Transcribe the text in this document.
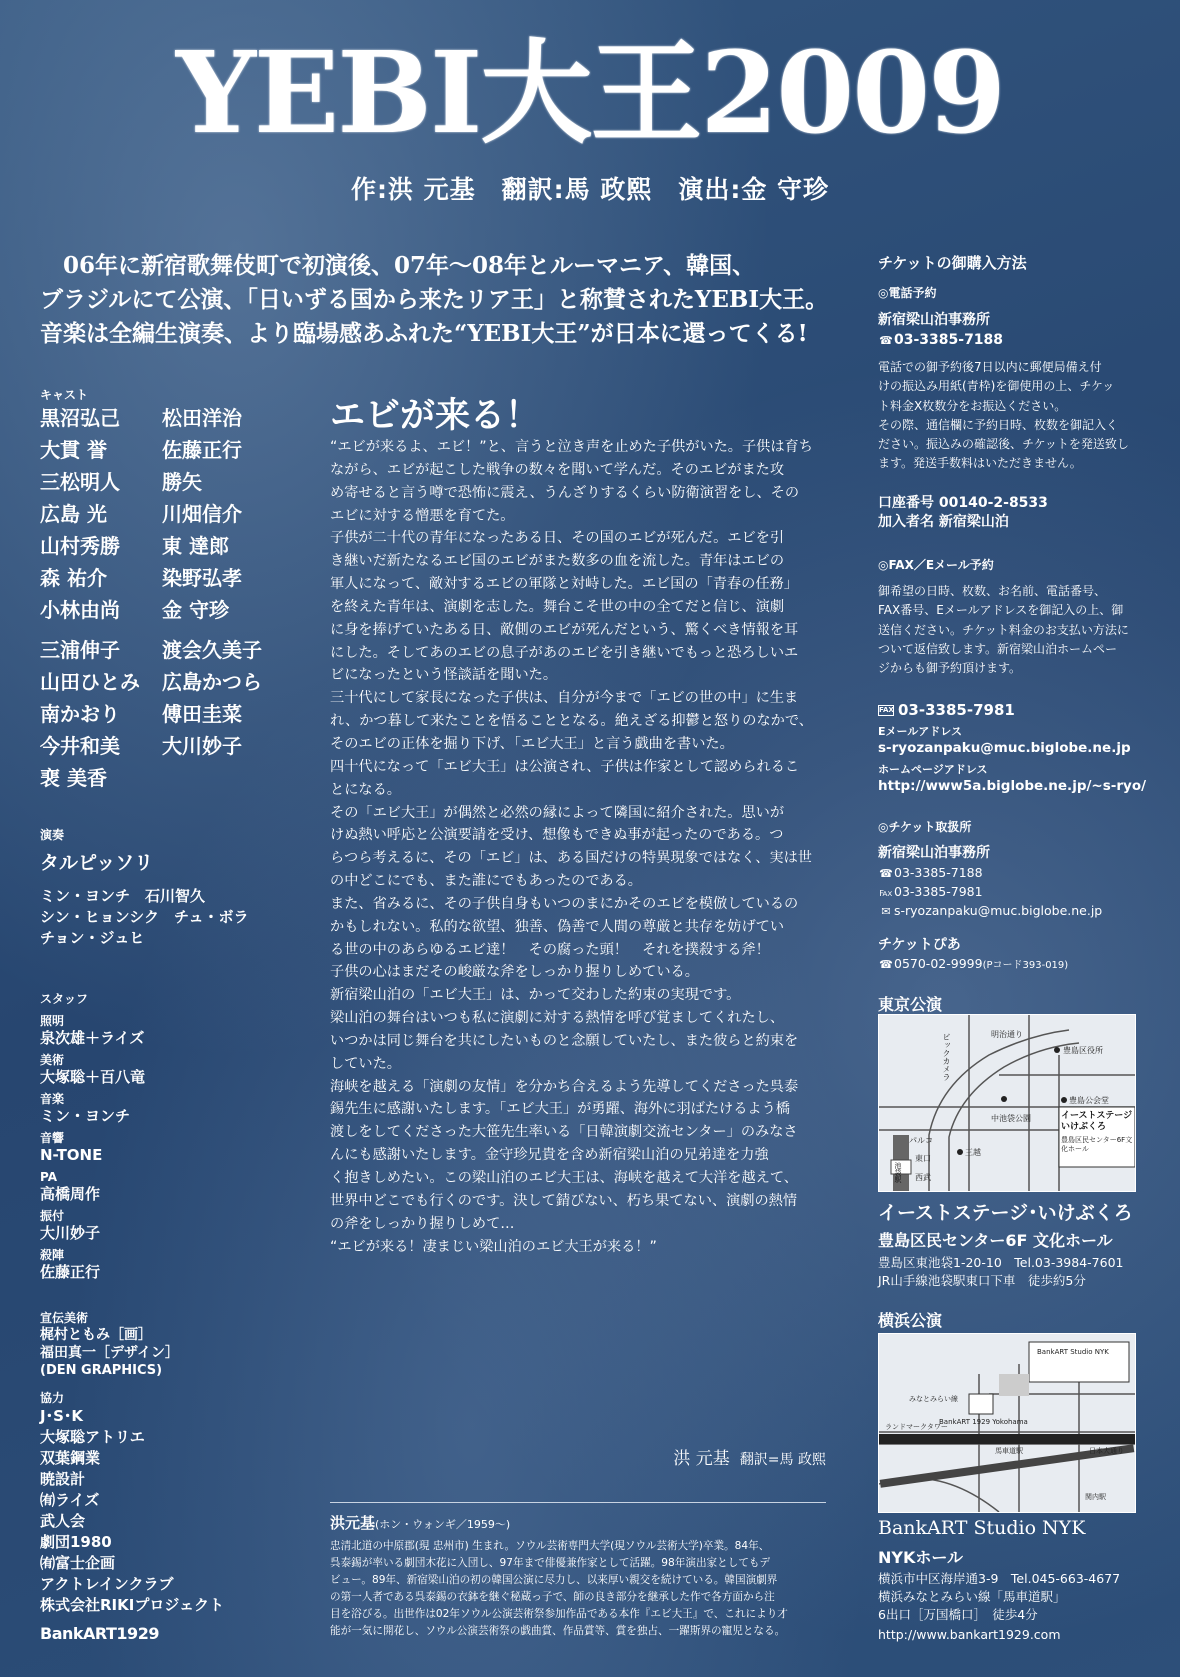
YEBI大王2009
作:洪 元基　翻訳:馬 政熙　演出:金 守珍
　06年に新宿歌舞伎町で初演後、07年〜08年とルーマニア、韓国、
ブラジルにて公演、「日いずる国から来たリア王」と称賛されたYEBI大王。
音楽は全編生演奏、より臨場感あふれた“YEBI大王”が日本に還ってくる!
キャスト
黒沼弘己	松田洋治
大貫 誉	佐藤正行
三松明人	勝矢
広島 光	川畑信介
山村秀勝	東 達郎
森 祐介	染野弘孝
小林由尚	金 守珍
三浦伸子	渡会久美子
山田ひとみ	広島かつら
南かおり	傅田圭菜
今井和美	大川妙子
裵 美香
演奏
タルピッソリ
ミン・ヨンチ　石川智久
シン・ヒョンシク　チュ・ボラ
チョン・ジュヒ
スタッフ
照明
泉次雄＋ライズ
美術
大塚聡＋百八竜
音楽
ミン・ヨンチ
音響
N-TONE
PA
高橋周作
振付
大川妙子
殺陣
佐藤正行
宣伝美術
梶村ともみ［画］
福田真一［デザイン］
(DEN GRAPHICS)
協力
J･S･K
大塚聡アトリエ
双葉鋼業
暁設計
㈲ライズ
武人会
劇団1980
㈲富士企画
アクトレインクラブ
株式会社RIKIプロジェクト
BankART1929
エビが来る！
“エビが来るよ、エビ！”と、言うと泣き声を止めた子供がいた。子供は育ち
ながら、エビが起こした戦争の数々を聞いて学んだ。そのエビがまた攻
め寄せると言う噂で恐怖に震え、うんざりするくらい防衛演習をし、その
エビに対する憎悪を育てた。
子供が二十代の青年になったある日、その国のエビが死んだ。エビを引
き継いだ新たなるエビ国のエビがまた数多の血を流した。青年はエビの
軍人になって、敵対するエビの軍隊と対峙した。エビ国の「青春の任務」
を終えた青年は、演劇を志した。舞台こそ世の中の全てだと信じ、演劇
に身を捧げていたある日、敵側のエビが死んだという、驚くべき情報を耳
にした。そしてあのエビの息子があのエビを引き継いでもっと恐ろしいエ
ビになったという怪談話を聞いた。
三十代にして家長になった子供は、自分が今まで「エビの世の中」に生ま
れ、かつ暮して来たことを悟ることとなる。絶えざる抑鬱と怒りのなかで、
そのエビの正体を掘り下げ、「エビ大王」と言う戯曲を書いた。
四十代になって「エビ大王」は公演され、子供は作家として認められるこ
とになる。
その「エビ大王」が偶然と必然の縁によって隣国に紹介された。思いが
けぬ熱い呼応と公演要請を受け、想像もできぬ事が起ったのである。つ
らつら考えるに、その「エビ」は、ある国だけの特異現象ではなく、実は世
の中どこにでも、また誰にでもあったのである。
また、省みるに、その子供自身もいつのまにかそのエビを模倣しているの
かもしれない。私的な欲望、独善、偽善で人間の尊厳と共存を妨げてい
る世の中のあらゆるエビ達！　その腐った頭！　それを撲殺する斧！
子供の心はまだその峻厳な斧をしっかり握りしめている。
新宿梁山泊の「エビ大王」は、かって交わした約束の実現です。
梁山泊の舞台はいつも私に演劇に対する熱情を呼び覚ましてくれたし、
いつかは同じ舞台を共にしたいものと念願していたし、また彼らと約束を
していた。
海峡を越える「演劇の友情」を分かち合えるよう先導してくださった呉泰
錫先生に感謝いたします。「エビ大王」が勇躍、海外に羽ばたけるよう橋
渡しをしてくださった大笹先生率いる「日韓演劇交流センター」のみなさ
んにも感謝いたします。金守珍兄貴を含め新宿梁山泊の兄弟達を力強
く抱きしめたい。この梁山泊のエビ大王は、海峡を越えて大洋を越えて、
世界中どこでも行くのです。決して錆びない、朽ち果てない、演劇の熱情
の斧をしっかり握りしめて…
“エビが来る！凄まじい梁山泊のエビ大王が来る！”
洪 元基 翻訳=馬 政熙
洪元基(ホン・ウォンギ／1959〜)
忠清北道の中原郡(現 忠州市) 生まれ。ソウル芸術専門大学(現ソウル芸術大学)卒業。84年、
呉泰錫が率いる劇団木花に入団し、97年まで俳優兼作家として活躍。98年演出家としてもデ
ビュー。89年、新宿梁山泊の初の韓国公演に尽力し、以来厚い親交を続けている。韓国演劇界
の第一人者である呉泰錫の衣鉢を継ぐ秘蔵っ子で、師の良き部分を継承した作で各方面から注
目を浴びる。出世作は02年ソウル公演芸術祭参加作品である本作『エビ大王』で、これにより才
能が一気に開花し、ソウル公演芸術祭の戯曲賞、作品賞等、賞を独占、一躍斯界の寵児となる。
チケットの御購入方法
◎電話予約
新宿梁山泊事務所
☎03-3385-7188
電話での御予約後7日以内に郵便局備え付
けの振込み用紙(青枠)を御使用の上、チケッ
ト料金X枚数分をお振込ください。
その際、通信欄に予約日時、枚数を御記入く
ださい。振込みの確認後、チケットを発送致し
ます。発送手数料はいただきません。
口座番号 00140-2-8533
加入者名 新宿梁山泊
◎FAX／Eメール予約
御希望の日時、枚数、お名前、電話番号、
FAX番号、Eメールアドレスを御記入の上、御
送信ください。チケット料金のお支払い方法に
ついて返信致します。新宿梁山泊ホームペー
ジからも御予約頂けます。
FAX 03-3385-7981
Eメールアドレス
s-ryozanpaku@muc.biglobe.ne.jp
ホームページアドレス
http://www5a.biglobe.ne.jp/~s-ryo/
◎チケット取扱所
新宿梁山泊事務所
☎03-3385-7188
℻03-3385-7981
✉ s-ryozanpaku@muc.biglobe.ne.jp
チケットぴあ
☎0570-02-9999(Pコード393-019)
東京公演
ビックカメラ	明治通り
豊島区役所
豊島公会堂
中池袋公園	イーストステージいけぶくろ
豊島区民センター6F文化ホール
パルコ
東口
三越
西武
池袋駅
イーストステージ･いけぶくろ
豊島区民センター6F 文化ホール
豊島区東池袋1-20-10　Tel.03-3984-7601
JR山手線池袋駅東口下車　徒歩約5分
横浜公演
BankART Studio NYK
BankART 1929 Yokohama
日本大通り
馬車道駅
関内駅
ランドマークタワー
みなとみらい線
BankART Studio NYK
NYKホール
横浜市中区海岸通3-9　Tel.045-663-4677
横浜みなとみらい線「馬車道駅」
6出口［万国橋口］　徒歩4分
http://www.bankart1929.com
